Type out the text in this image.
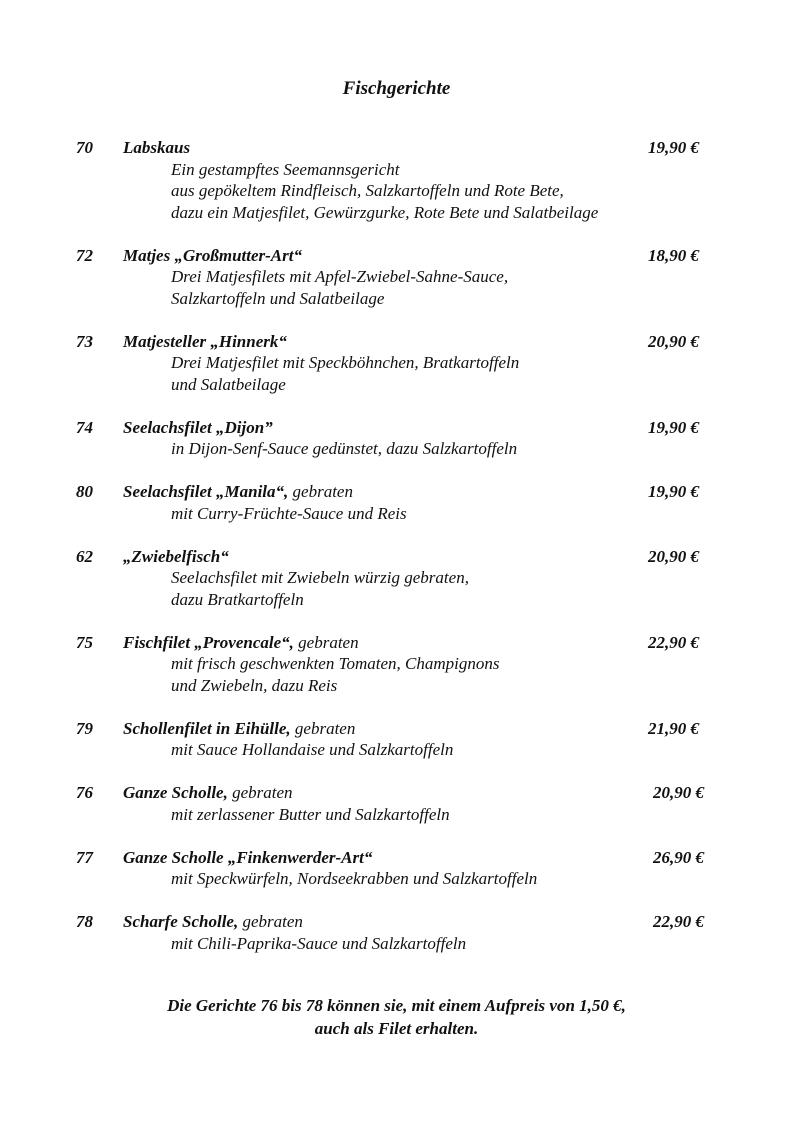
Fischgerichte
70 Labskaus	19,90 €
Ein gestampftes Seemannsgericht
aus gepökeltem Rindfleisch, Salzkartoffeln und Rote Bete,
dazu ein Matjesfilet, Gewürzgurke, Rote Bete und Salatbeilage
72 Matjes „Großmutter-Art“	18,90 €
Drei Matjesfilets mit Apfel-Zwiebel-Sahne-Sauce,
Salzkartoffeln und Salatbeilage
73 Matjesteller „Hinnerk“	20,90 €
Drei Matjesfilet mit Speckböhnchen, Bratkartoffeln
und Salatbeilage
74 Seelachsfilet „Dijon”	19,90 €
in Dijon-Senf-Sauce gedünstet, dazu Salzkartoffeln
80 Seelachsfilet „Manila“, gebraten	19,90 €
mit Curry-Früchte-Sauce und Reis
62 „Zwiebelfisch“	20,90 €
Seelachsfilet mit Zwiebeln würzig gebraten,
dazu Bratkartoffeln
75 Fischfilet „Provencale“, gebraten	22,90 €
mit frisch geschwenkten Tomaten, Champignons
und Zwiebeln, dazu Reis
79 Schollenfilet in Eihülle, gebraten	21,90 €
mit Sauce Hollandaise und Salzkartoffeln
76 Ganze Scholle, gebraten	20,90 €
mit zerlassener Butter und Salzkartoffeln
77 Ganze Scholle „Finkenwerder-Art“	26,90 €
mit Speckwürfeln, Nordseekrabben und Salzkartoffeln
78 Scharfe Scholle, gebraten	22,90 €
mit Chili-Paprika-Sauce und Salzkartoffeln
Die Gerichte 76 bis 78 können sie, mit einem Aufpreis von 1,50 €,
auch als Filet erhalten.
